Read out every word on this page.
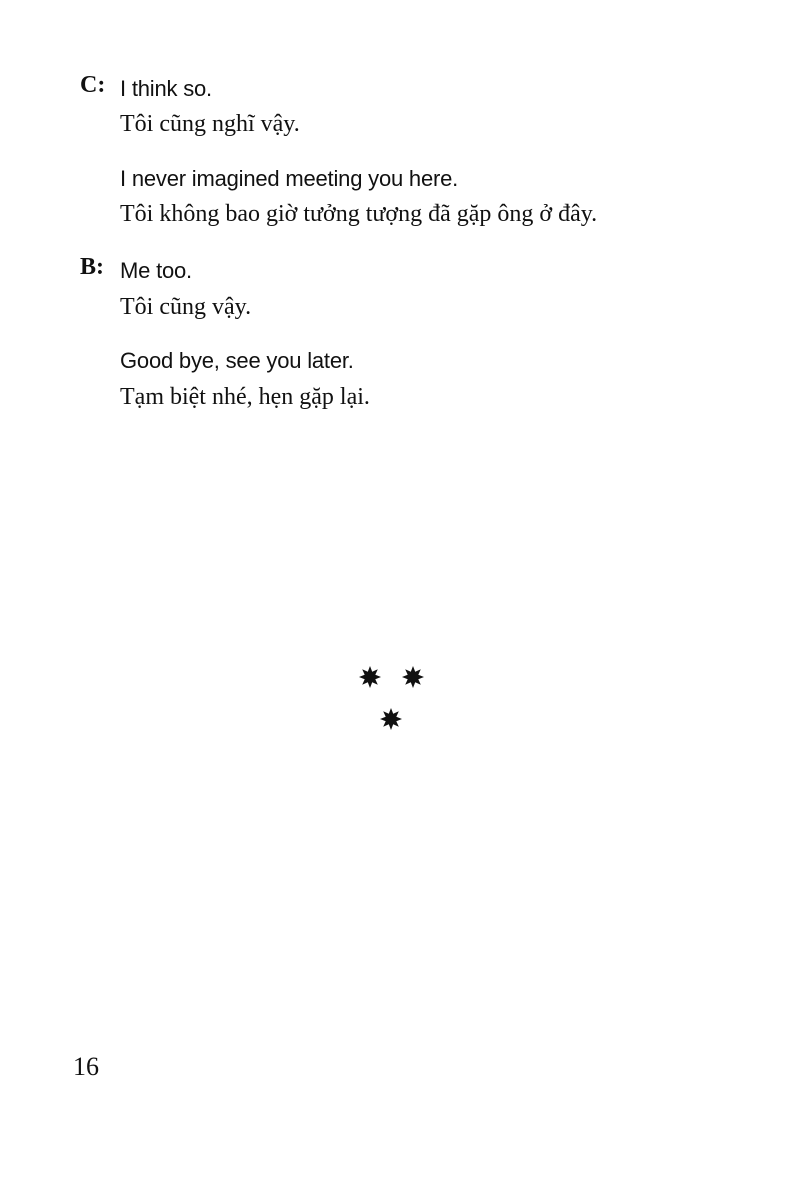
C: I think so.
Tôi cũng nghĩ vậy.
I never imagined meeting you here.
Tôi không bao giờ tưởng tượng đã gặp ông ở đây.
B: Me too.
Tôi cũng vậy.
Good bye, see you later.
Tạm biệt nhé, hẹn gặp lại.
16
